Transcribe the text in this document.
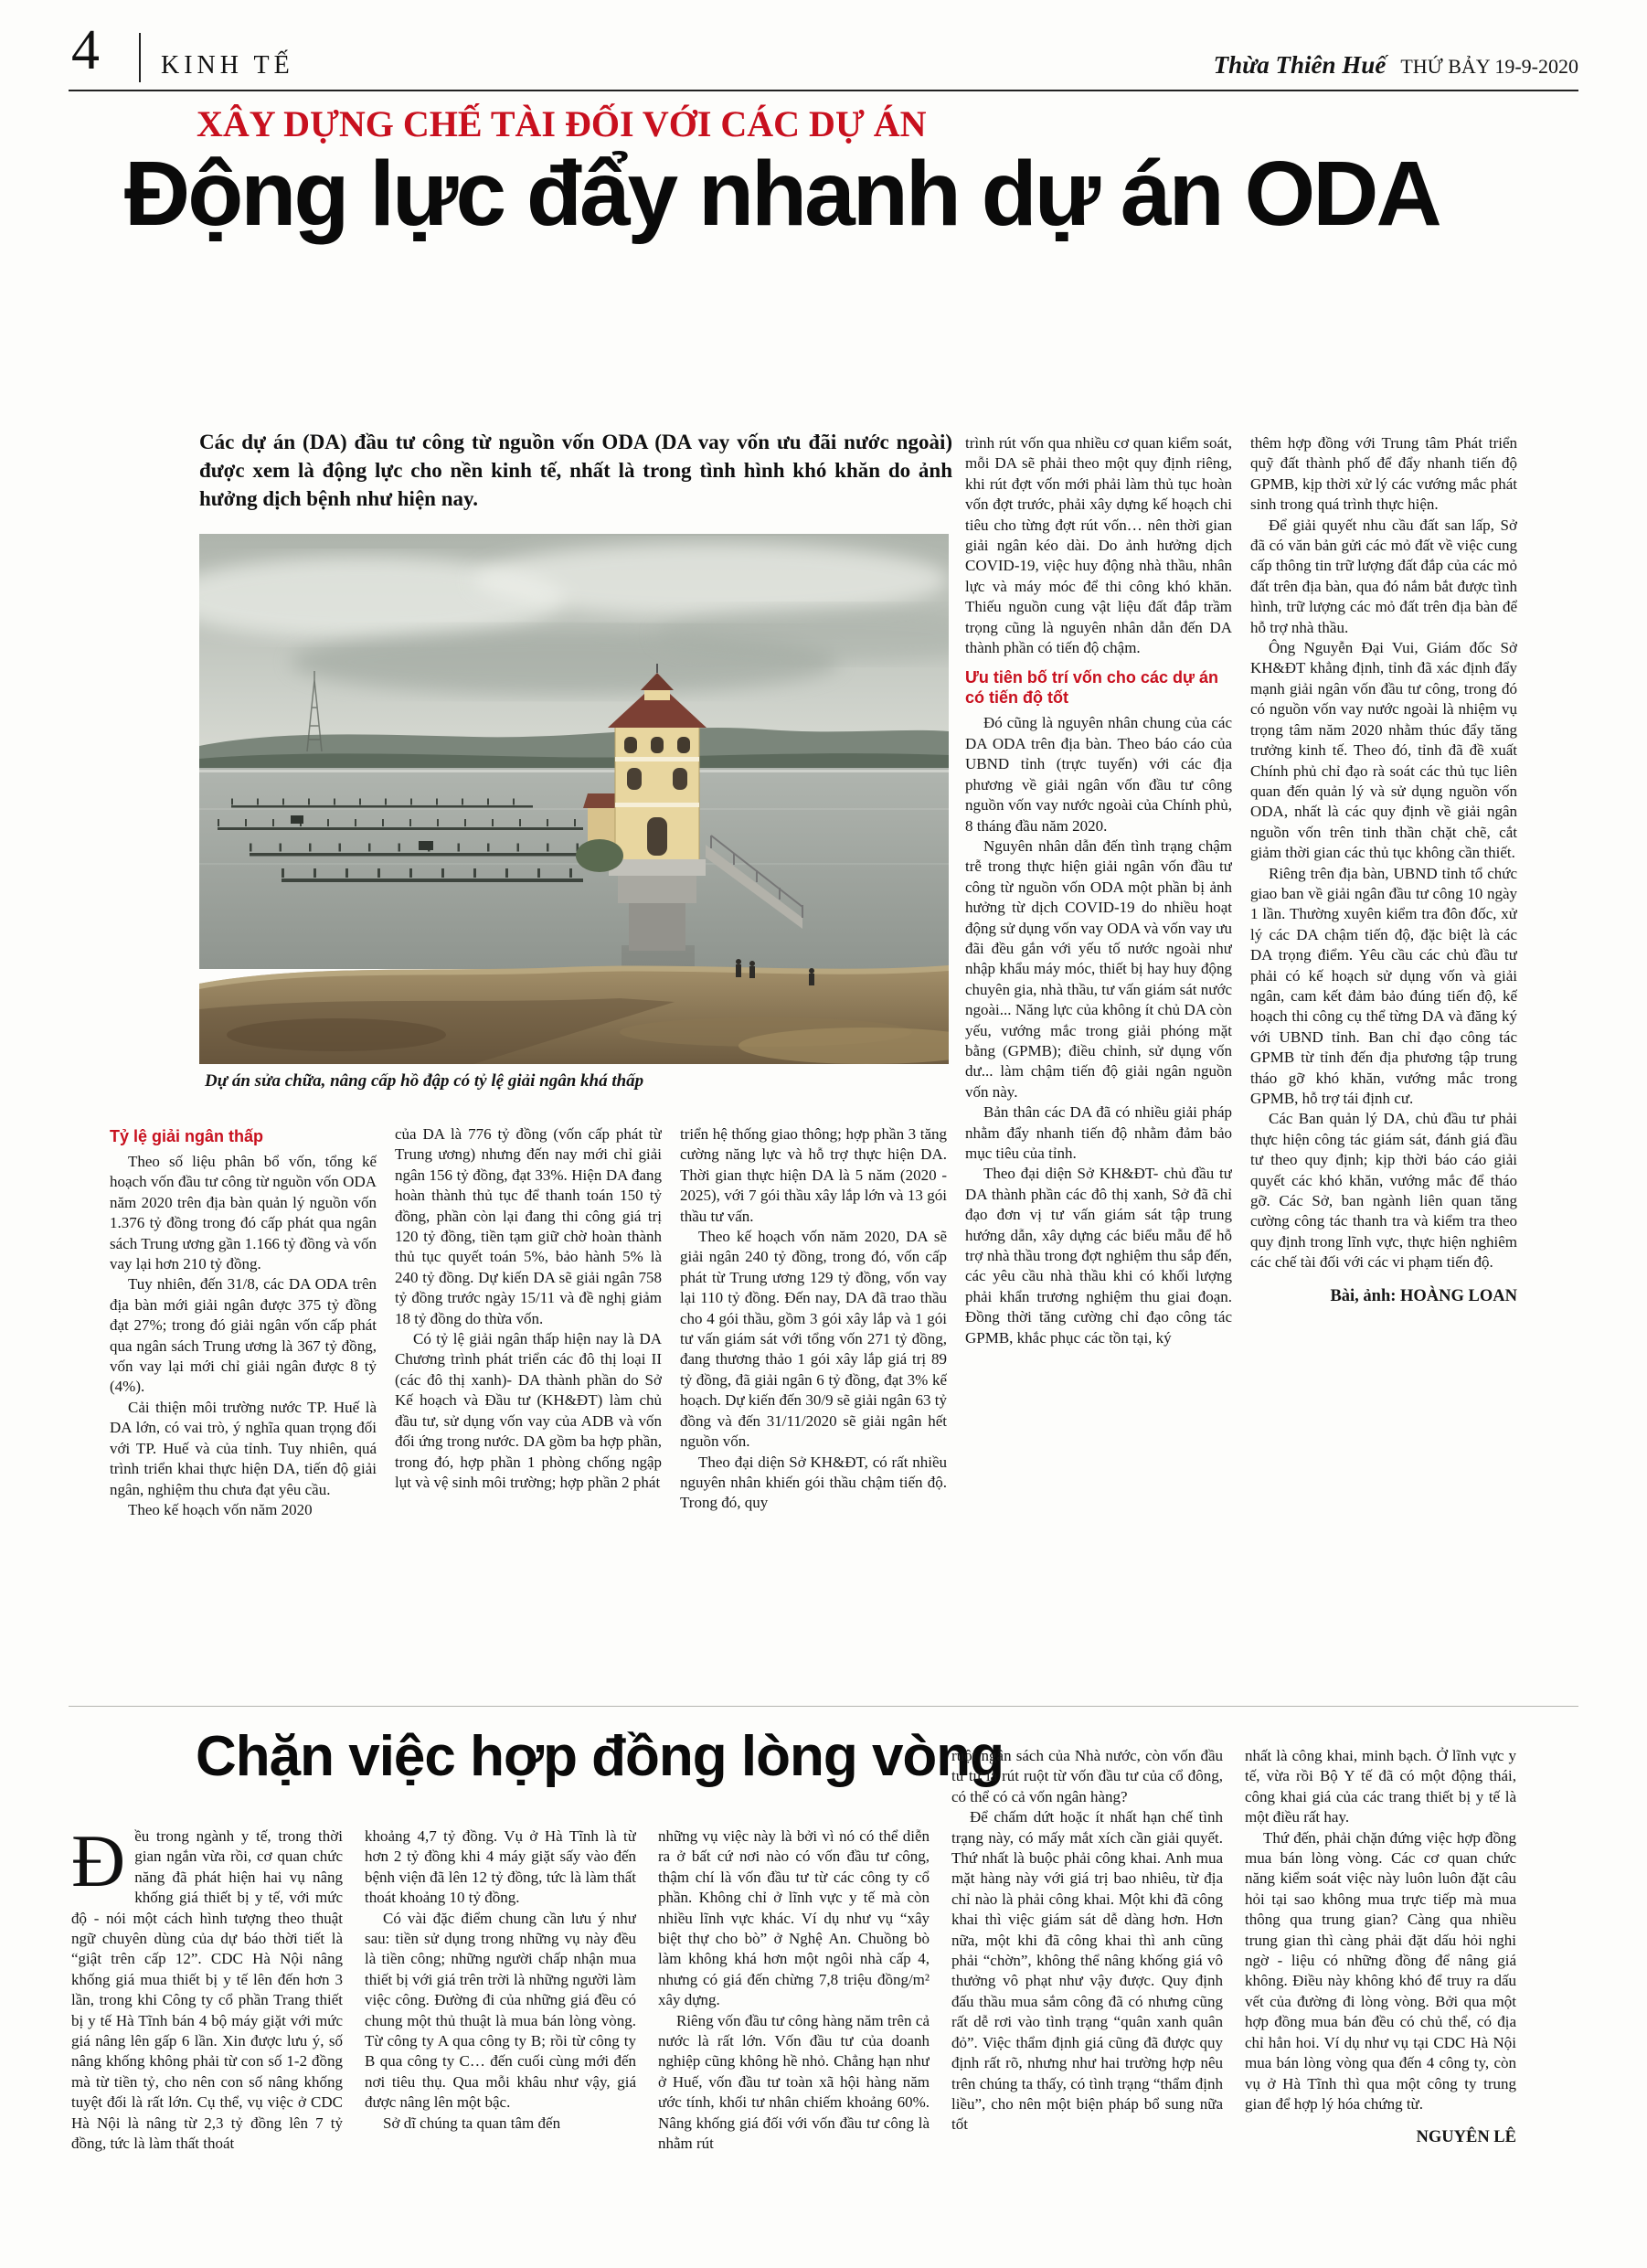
4 KINH TẾ	Thừa Thiên Huế THỨ BẢY 19-9-2020
XÂY DỰNG CHẾ TÀI ĐỐI VỚI CÁC DỰ ÁN
Động lực đẩy nhanh dự án ODA

Các dự án (DA) đầu tư công từ nguồn vốn ODA (DA vay vốn ưu đãi nước ngoài) được xem là động lực cho nền kinh tế, nhất là trong tình hình khó khăn do ảnh hưởng dịch bệnh như hiện nay.

Dự án sửa chữa, nâng cấp hồ đập có tỷ lệ giải ngân khá thấp

Tỷ lệ giải ngân thấp

Theo số liệu phân bổ vốn, tổng kế hoạch vốn đầu tư công từ nguồn vốn ODA năm 2020 trên địa bàn quản lý nguồn vốn 1.376 tỷ đồng trong đó cấp phát qua ngân sách Trung ương gần 1.166 tỷ đồng và vốn vay lại hơn 210 tỷ đồng.

Tuy nhiên, đến 31/8, các DA ODA trên địa bàn mới giải ngân được 375 tỷ đồng đạt 27%; trong đó giải ngân vốn cấp phát qua ngân sách Trung ương là 367 tỷ đồng, vốn vay lại mới chỉ giải ngân được 8 tỷ (4%).

Cải thiện môi trường nước TP. Huế là DA lớn, có vai trò, ý nghĩa quan trọng đối với TP. Huế và của tỉnh. Tuy nhiên, quá trình triển khai thực hiện DA, tiến độ giải ngân, nghiệm thu chưa đạt yêu cầu.

Theo kế hoạch vốn năm 2020

của DA là 776 tỷ đồng (vốn cấp phát từ Trung ương) nhưng đến nay mới chỉ giải ngân 156 tỷ đồng, đạt 33%. Hiện DA đang hoàn thành thủ tục để thanh toán 150 tỷ đồng, phần còn lại đang thi công giá trị 120 tỷ đồng, tiền tạm giữ chờ hoàn thành thủ tục quyết toán 5%, bảo hành 5% là 240 tỷ đồng. Dự kiến DA sẽ giải ngân 758 tỷ đồng trước ngày 15/11 và đề nghị giảm 18 tỷ đồng do thừa vốn.

Có tỷ lệ giải ngân thấp hiện nay là DA Chương trình phát triển các đô thị loại II (các đô thị xanh)- DA thành phần do Sở Kế hoạch và Đầu tư (KH&ĐT) làm chủ đầu tư, sử dụng vốn vay của ADB và vốn đối ứng trong nước. DA gồm ba hợp phần, trong đó, hợp phần 1 phòng chống ngập lụt và vệ sinh môi trường; hợp phần 2 phát

triển hệ thống giao thông; hợp phần 3 tăng cường năng lực và hỗ trợ thực hiện DA. Thời gian thực hiện DA là 5 năm (2020 - 2025), với 7 gói thầu xây lắp lớn và 13 gói thầu tư vấn.

Theo kế hoạch vốn năm 2020, DA sẽ giải ngân 240 tỷ đồng, trong đó, vốn cấp phát từ Trung ương 129 tỷ đồng, vốn vay lại 110 tỷ đồng. Đến nay, DA đã trao thầu cho 4 gói thầu, gồm 3 gói xây lắp và 1 gói tư vấn giám sát với tổng vốn 271 tỷ đồng, đang thương thảo 1 gói xây lắp giá trị 89 tỷ đồng, đã giải ngân 6 tỷ đồng, đạt 3% kế hoạch. Dự kiến đến 30/9 sẽ giải ngân 63 tỷ đồng và đến 31/11/2020 sẽ giải ngân hết nguồn vốn.

Theo đại diện Sở KH&ĐT, có rất nhiều nguyên nhân khiến gói thầu chậm tiến độ. Trong đó, quy

trình rút vốn qua nhiều cơ quan kiểm soát, mỗi DA sẽ phải theo một quy định riêng, khi rút đợt vốn mới phải làm thủ tục hoàn vốn đợt trước, phải xây dựng kế hoạch chi tiêu cho từng đợt rút vốn… nên thời gian giải ngân kéo dài. Do ảnh hưởng dịch COVID-19, việc huy động nhà thầu, nhân lực và máy móc để thi công khó khăn. Thiếu nguồn cung vật liệu đất đắp trầm trọng cũng là nguyên nhân dẫn đến DA thành phần có tiến độ chậm.

Ưu tiên bố trí vốn cho các dự án có tiến độ tốt

Đó cũng là nguyên nhân chung của các DA ODA trên địa bàn. Theo báo cáo của UBND tỉnh (trực tuyến) với các địa phương về giải ngân vốn đầu tư công nguồn vốn vay nước ngoài của Chính phủ, 8 tháng đầu năm 2020.

Nguyên nhân dẫn đến tình trạng chậm trễ trong thực hiện giải ngân vốn đầu tư công từ nguồn vốn ODA một phần bị ảnh hưởng từ dịch COVID-19 do nhiều hoạt động sử dụng vốn vay ODA và vốn vay ưu đãi đều gắn với yếu tố nước ngoài như nhập khẩu máy móc, thiết bị hay huy động chuyên gia, nhà thầu, tư vấn giám sát nước ngoài... Năng lực của không ít chủ DA còn yếu, vướng mắc trong giải phóng mặt bằng (GPMB); điều chỉnh, sử dụng vốn dư... làm chậm tiến độ giải ngân nguồn vốn này.

Bản thân các DA đã có nhiều giải pháp nhằm đẩy nhanh tiến độ nhằm đảm bảo mục tiêu của tỉnh.

Theo đại diện Sở KH&ĐT- chủ đầu tư DA thành phần các đô thị xanh, Sở đã chỉ đạo đơn vị tư vấn giám sát tập trung hướng dẫn, xây dựng các biểu mẫu để hỗ trợ nhà thầu trong đợt nghiệm thu sắp đến, các yêu cầu nhà thầu khi có khối lượng phải khẩn trương nghiệm thu giai đoạn. Đồng thời tăng cường chỉ đạo công tác GPMB, khắc phục các tồn tại, ký

thêm hợp đồng với Trung tâm Phát triển quỹ đất thành phố để đẩy nhanh tiến độ GPMB, kịp thời xử lý các vướng mắc phát sinh trong quá trình thực hiện.

Để giải quyết nhu cầu đất san lấp, Sở đã có văn bản gửi các mỏ đất về việc cung cấp thông tin trữ lượng đất đắp của các mỏ đất trên địa bàn, qua đó nắm bắt được tình hình, trữ lượng các mỏ đất trên địa bàn để hỗ trợ nhà thầu.

Ông Nguyễn Đại Vui, Giám đốc Sở KH&ĐT khẳng định, tỉnh đã xác định đẩy mạnh giải ngân vốn đầu tư công, trong đó có nguồn vốn vay nước ngoài là nhiệm vụ trọng tâm năm 2020 nhằm thúc đẩy tăng trưởng kinh tế. Theo đó, tỉnh đã đề xuất Chính phủ chỉ đạo rà soát các thủ tục liên quan đến quản lý và sử dụng nguồn vốn ODA, nhất là các quy định về giải ngân nguồn vốn trên tinh thần chặt chẽ, cắt giảm thời gian các thủ tục không cần thiết.

Riêng trên địa bàn, UBND tỉnh tổ chức giao ban về giải ngân đầu tư công 10 ngày 1 lần. Thường xuyên kiểm tra đôn đốc, xử lý các DA chậm tiến độ, đặc biệt là các DA trọng điểm. Yêu cầu các chủ đầu tư phải có kế hoạch sử dụng vốn và giải ngân, cam kết đảm bảo đúng tiến độ, kế hoạch thi công cụ thể từng DA và đăng ký với UBND tỉnh. Ban chỉ đạo công tác GPMB từ tỉnh đến địa phương tập trung tháo gỡ khó khăn, vướng mắc trong GPMB, hỗ trợ tái định cư.

Các Ban quản lý DA, chủ đầu tư phải thực hiện công tác giám sát, đánh giá đầu tư theo quy định; kịp thời báo cáo giải quyết các khó khăn, vướng mắc để tháo gỡ. Các Sở, ban ngành liên quan tăng cường công tác thanh tra và kiểm tra theo quy định trong lĩnh vực, thực hiện nghiêm các chế tài đối với các vi phạm tiến độ.

Bài, ảnh: HOÀNG LOAN

Chặn việc hợp đồng lòng vòng

Đều trong ngành y tế, trong thời gian ngắn vừa rồi, cơ quan chức năng đã phát hiện hai vụ nâng khống giá thiết bị y tế, với mức độ - nói một cách hình tượng theo thuật ngữ chuyên dùng của dự báo thời tiết là “giật trên cấp 12”. CDC Hà Nội nâng khống giá mua thiết bị y tế lên đến hơn 3 lần, trong khi Công ty cổ phần Trang thiết bị y tế Hà Tĩnh bán 4 bộ máy giặt với mức giá nâng lên gấp 6 lần. Xin được lưu ý, số nâng khống không phải từ con số 1-2 đồng mà từ tiền tỷ, cho nên con số nâng khống tuyệt đối là rất lớn. Cụ thể, vụ việc ở CDC Hà Nội là nâng từ 2,3 tỷ đồng lên 7 tỷ đồng, tức là làm thất thoát

khoảng 4,7 tỷ đồng. Vụ ở Hà Tĩnh là từ hơn 2 tỷ đồng khi 4 máy giặt sấy vào đến bệnh viện đã lên 12 tỷ đồng, tức là làm thất thoát khoảng 10 tỷ đồng.

Có vài đặc điểm chung cần lưu ý như sau: tiền sử dụng trong những vụ này đều là tiền công; những người chấp nhận mua thiết bị với giá trên trời là những người làm việc công. Đường đi của những giá đều có chung một thủ thuật là mua bán lòng vòng. Từ công ty A qua công ty B; rồi từ công ty B qua công ty C… đến cuối cùng mới đến nơi tiêu thụ. Qua mỗi khâu như vậy, giá được nâng lên một bậc.

Sở dĩ chúng ta quan tâm đến

những vụ việc này là bởi vì nó có thể diễn ra ở bất cứ nơi nào có vốn đầu tư công, thậm chí là vốn đầu tư từ các công ty cổ phần. Không chỉ ở lĩnh vực y tế mà còn nhiều lĩnh vực khác. Ví dụ như vụ “xây biệt thự cho bò” ở Nghệ An. Chuồng bò làm không khá hơn một ngôi nhà cấp 4, nhưng có giá đến chừng 7,8 triệu đồng/m² xây dựng.

Riêng vốn đầu tư công hàng năm trên cả nước là rất lớn. Vốn đầu tư của doanh nghiệp cũng không hề nhỏ. Chẳng hạn như ở Huế, vốn đầu tư toàn xã hội hàng năm ước tính, khối tư nhân chiếm khoảng 60%. Nâng khống giá đối với vốn đầu tư công là nhằm rút

ruột ngân sách của Nhà nước, còn vốn đầu tư tư là rút ruột từ vốn đầu tư của cổ đông, có thể có cả vốn ngân hàng?

Để chấm dứt hoặc ít nhất hạn chế tình trạng này, có mấy mắt xích cần giải quyết. Thứ nhất là buộc phải công khai. Anh mua mặt hàng này với giá trị bao nhiêu, từ địa chỉ nào là phải công khai. Một khi đã công khai thì việc giám sát dễ dàng hơn. Hơn nữa, một khi đã công khai thì anh cũng phải “chờn”, không thể nâng khống giá vô thưởng vô phạt như vậy được. Quy định đấu thầu mua sắm công đã có nhưng cũng rất dễ rơi vào tình trạng “quân xanh quân đỏ”. Việc thẩm định giá cũng đã được quy định rất rõ, nhưng như hai trường hợp nêu trên chúng ta thấy, có tình trạng “thẩm định liều”, cho nên một biện pháp bổ sung nữa tốt

nhất là công khai, minh bạch. Ở lĩnh vực y tế, vừa rồi Bộ Y tế đã có một động thái, công khai giá của các trang thiết bị y tế là một điều rất hay.

Thứ đến, phải chặn đứng việc hợp đồng mua bán lòng vòng. Các cơ quan chức năng kiểm soát việc này luôn luôn đặt câu hỏi tại sao không mua trực tiếp mà mua thông qua trung gian? Càng qua nhiều trung gian thì càng phải đặt dấu hỏi nghi ngờ - liệu có những đồng để nâng giá không. Điều này không khó để truy ra dấu vết của đường đi lòng vòng. Bởi qua một hợp đồng mua bán đều có chủ thể, có địa chỉ hẳn hoi. Ví dụ như vụ tại CDC Hà Nội mua bán lòng vòng qua đến 4 công ty, còn vụ ở Hà Tĩnh thì qua một công ty trung gian để hợp lý hóa chứng từ.

NGUYÊN LÊ
